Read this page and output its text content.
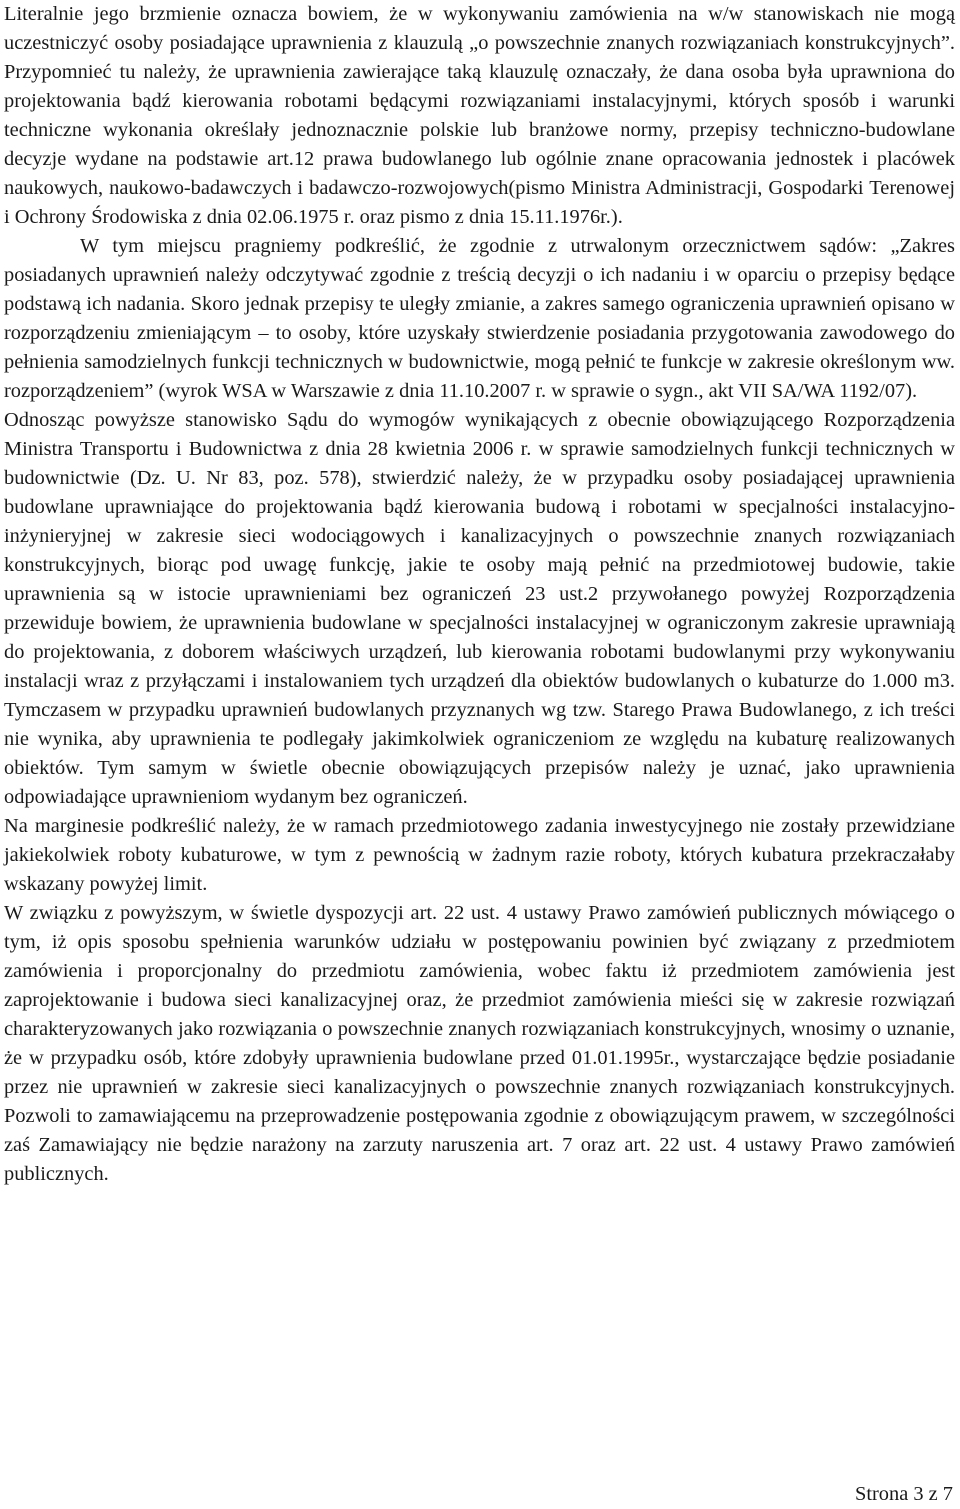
Literalnie jego brzmienie oznacza bowiem, że w wykonywaniu zamówienia na w/w stanowiskach nie mogą uczestniczyć osoby posiadające uprawnienia z klauzulą „o powszechnie znanych rozwiązaniach konstrukcyjnych”. Przypomnieć tu należy, że uprawnienia zawierające taką klauzulę oznaczały, że dana osoba była uprawniona do projektowania bądź kierowania robotami będącymi rozwiązaniami instalacyjnymi, których sposób i warunki techniczne wykonania określały jednoznacznie polskie lub branżowe normy, przepisy techniczno-budowlane decyzje wydane na podstawie art.12 prawa budowlanego lub ogólnie znane opracowania jednostek i placówek naukowych, naukowo-badawczych i badawczo-rozwojowych(pismo Ministra Administracji, Gospodarki Terenowej i Ochrony Środowiska z dnia 02.06.1975 r. oraz pismo z dnia 15.11.1976r.).

W tym miejscu pragniemy podkreślić, że zgodnie z utrwalonym orzecznictwem sądów: „Zakres posiadanych uprawnień należy odczytywać zgodnie z treścią decyzji o ich nadaniu i w oparciu o przepisy będące podstawą ich nadania. Skoro jednak przepisy te uległy zmianie, a zakres samego ograniczenia uprawnień opisano w rozporządzeniu zmieniającym – to osoby, które uzyskały stwierdzenie posiadania przygotowania zawodowego do pełnienia samodzielnych funkcji technicznych w budownictwie, mogą pełnić te funkcje w zakresie określonym ww. rozporządzeniem” (wyrok WSA w Warszawie z dnia 11.10.2007 r. w sprawie o sygn., akt VII SA/WA 1192/07).

Odnosząc powyższe stanowisko Sądu do wymogów wynikających z obecnie obowiązującego Rozporządzenia Ministra Transportu i Budownictwa z dnia 28 kwietnia 2006 r. w sprawie samodzielnych funkcji technicznych w budownictwie (Dz. U. Nr 83, poz. 578), stwierdzić należy, że w przypadku osoby posiadającej uprawnienia budowlane uprawniające do projektowania bądź kierowania budową i robotami w specjalności instalacyjno-inżynieryjnej w zakresie sieci wodociągowych i kanalizacyjnych o powszechnie znanych rozwiązaniach konstrukcyjnych, biorąc pod uwagę funkcję, jakie te osoby mają pełnić na przedmiotowej budowie, takie uprawnienia są w istocie uprawnieniami bez ograniczeń 23 ust.2 przywołanego powyżej Rozporządzenia przewiduje bowiem, że uprawnienia budowlane w specjalności instalacyjnej w ograniczonym zakresie uprawniają do projektowania, z doborem właściwych urządzeń, lub kierowania robotami budowlanymi przy wykonywaniu instalacji wraz z przyłączami i instalowaniem tych urządzeń dla obiektów budowlanych o kubaturze do 1.000 m3. Tymczasem w przypadku uprawnień budowlanych przyznanych wg tzw. Starego Prawa Budowlanego, z ich treści nie wynika, aby uprawnienia te podlegały jakimkolwiek ograniczeniom ze względu na kubaturę realizowanych obiektów. Tym samym w świetle obecnie obowiązujących przepisów należy je uznać, jako uprawnienia odpowiadające uprawnieniom wydanym bez ograniczeń.

Na marginesie podkreślić należy, że w ramach przedmiotowego zadania inwestycyjnego nie zostały przewidziane jakiekolwiek roboty kubaturowe, w tym z pewnością w żadnym razie roboty, których kubatura przekraczałaby wskazany powyżej limit.

W związku z powyższym, w świetle dyspozycji art. 22 ust. 4 ustawy Prawo zamówień publicznych mówiącego o tym, iż opis sposobu spełnienia warunków udziału w postępowaniu powinien być związany z przedmiotem zamówienia i proporcjonalny do przedmiotu zamówienia, wobec faktu iż przedmiotem zamówienia jest zaprojektowanie i budowa sieci kanalizacyjnej oraz, że przedmiot zamówienia mieści się w zakresie rozwiązań charakteryzowanych jako rozwiązania o powszechnie znanych rozwiązaniach konstrukcyjnych, wnosimy o uznanie, że w przypadku osób, które zdobyły uprawnienia budowlane przed 01.01.1995r., wystarczające będzie posiadanie przez nie uprawnień w zakresie sieci kanalizacyjnych o powszechnie znanych rozwiązaniach konstrukcyjnych. Pozwoli to zamawiającemu na przeprowadzenie postępowania zgodnie z obowiązującym prawem, w szczególności zaś Zamawiający nie będzie narażony na zarzuty naruszenia art. 7 oraz art. 22 ust. 4 ustawy Prawo zamówień publicznych.

Strona 3 z 7
